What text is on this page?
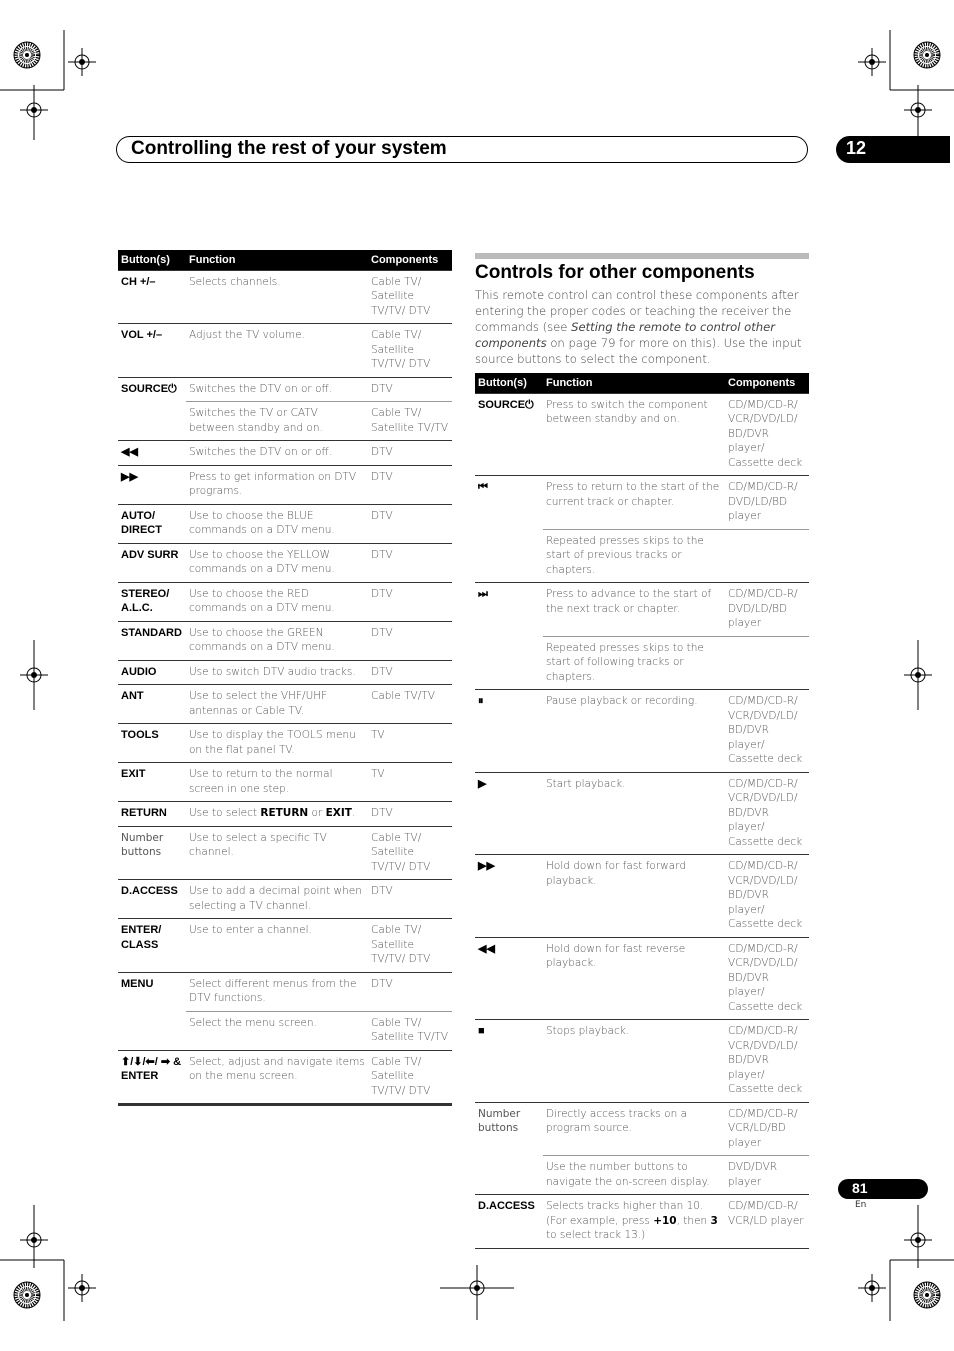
Controlling the rest of your system	12
Button(s)	Function	Components
CH +/–	Selects channels.	Cable TV/ Satellite TV/TV/ DTV
VOL +/–	Adjust the TV volume.	Cable TV/ Satellite TV/TV/ DTV
SOURCE⏻	Switches the DTV on or off.	DTV
	Switches the TV or CATV between standby and on.	Cable TV/ Satellite TV/TV
◀◀	Switches the DTV on or off.	DTV
▶▶	Press to get information on DTV programs.	DTV
AUTO/ DIRECT	Use to choose the BLUE commands on a DTV menu.	DTV
ADV SURR	Use to choose the YELLOW commands on a DTV menu.	DTV
STEREO/ A.L.C.	Use to choose the RED commands on a DTV menu.	DTV
STANDARD	Use to choose the GREEN commands on a DTV menu.	DTV
AUDIO	Use to switch DTV audio tracks.	DTV
ANT	Use to select the VHF/UHF antennas or Cable TV.	Cable TV/TV
TOOLS	Use to display the TOOLS menu on the flat panel TV.	TV
EXIT	Use to return to the normal screen in one step.	TV
RETURN	Use to select RETURN or EXIT.	DTV
Number buttons	Use to select a specific TV channel.	Cable TV/ Satellite TV/TV/ DTV
D.ACCESS	Use to add a decimal point when selecting a TV channel.	DTV
ENTER/ CLASS	Use to enter a channel.	Cable TV/ Satellite TV/TV/ DTV
MENU	Select different menus from the DTV functions.	DTV
	Select the menu screen.	Cable TV/ Satellite TV/TV
⬆/⬇/⬅/ ➡ & ENTER	Select, adjust and navigate items on the menu screen.	Cable TV/ Satellite TV/TV/ DTV
Controls for other components

This remote control can control these components after entering the proper codes or teaching the receiver the commands (see Setting the remote to control other components on page 79 for more on this). Use the input source buttons to select the component.

Button(s)	Function	Components
SOURCE⏻	Press to switch the component between standby and on.	CD/MD/CD-R/ VCR/DVD/LD/ BD/DVR player/ Cassette deck
⏮	Press to return to the start of the current track or chapter.	CD/MD/CD-R/ DVD/LD/BD player
	Repeated presses skips to the start of previous tracks or chapters.	
⏭	Press to advance to the start of the next track or chapter.	CD/MD/CD-R/ DVD/LD/BD player
	Repeated presses skips to the start of following tracks or chapters.	
⏸	Pause playback or recording.	CD/MD/CD-R/ VCR/DVD/LD/ BD/DVR player/ Cassette deck
▶	Start playback.	CD/MD/CD-R/ VCR/DVD/LD/ BD/DVR player/ Cassette deck
▶▶	Hold down for fast forward playback.	CD/MD/CD-R/ VCR/DVD/LD/ BD/DVR player/ Cassette deck
◀◀	Hold down for fast reverse playback.	CD/MD/CD-R/ VCR/DVD/LD/ BD/DVR player/ Cassette deck
■	Stops playback.	CD/MD/CD-R/ VCR/DVD/LD/ BD/DVR player/ Cassette deck
Number buttons	Directly access tracks on a program source.	CD/MD/CD-R/ VCR/LD/BD player
	Use the number buttons to navigate the on-screen display.	DVD/DVR player
D.ACCESS	Selects tracks higher than 10. (For example, press +10, then 3 to select track 13.)	CD/MD/CD-R/ VCR/LD player
81
En
